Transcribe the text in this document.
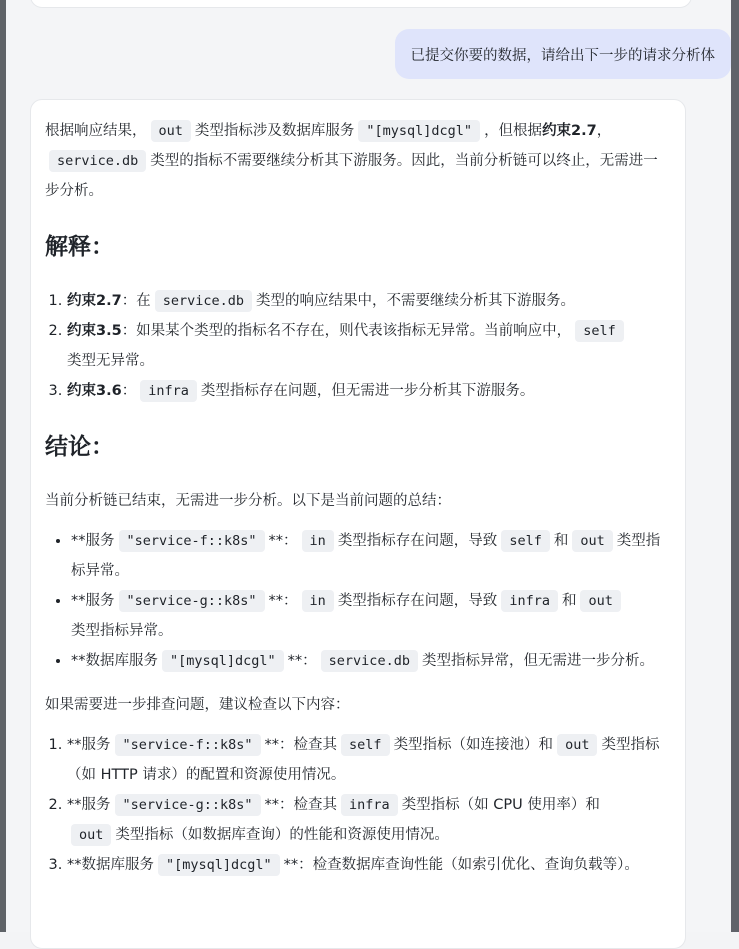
已提交你要的数据，请给出下一步的请求分析体

根据响应结果， out 类型指标涉及数据库服务 "[mysql]dcgl" ，但根据约束2.7，
service.db 类型的指标不需要继续分析其下游服务。因此，当前分析链可以终止，无需进一步分析。

解释：
1. 约束2.7：在 service.db 类型的响应结果中，不需要继续分析其下游服务。
2. 约束3.5：如果某个类型的指标名不存在，则代表该指标无异常。当前响应中， self
类型无异常。
3. 约束3.6： infra 类型指标存在问题，但无需进一步分析其下游服务。
结论：

当前分析链已结束，无需进一步分析。以下是当前问题的总结：

• **服务 "service-f::k8s" **： in 类型指标存在问题，导致 self 和 out 类型指标异常。
• **服务 "service-g::k8s" **： in 类型指标存在问题，导致 infra 和 out
类型指标异常。
• **数据库服务 "[mysql]dcgl" **： service.db 类型指标异常，但无需进一步分析。

如果需要进一步排查问题，建议检查以下内容：

1. **服务 "service-f::k8s" **：检查其 self 类型指标（如连接池）和 out 类型指标（如 HTTP 请求）的配置和资源使用情况。
2. **服务 "service-g::k8s" **：检查其 infra 类型指标（如 CPU 使用率）和
out 类型指标（如数据库查询）的性能和资源使用情况。
3. **数据库服务 "[mysql]dcgl" **：检查数据库查询性能（如索引优化、查询负载等）。
